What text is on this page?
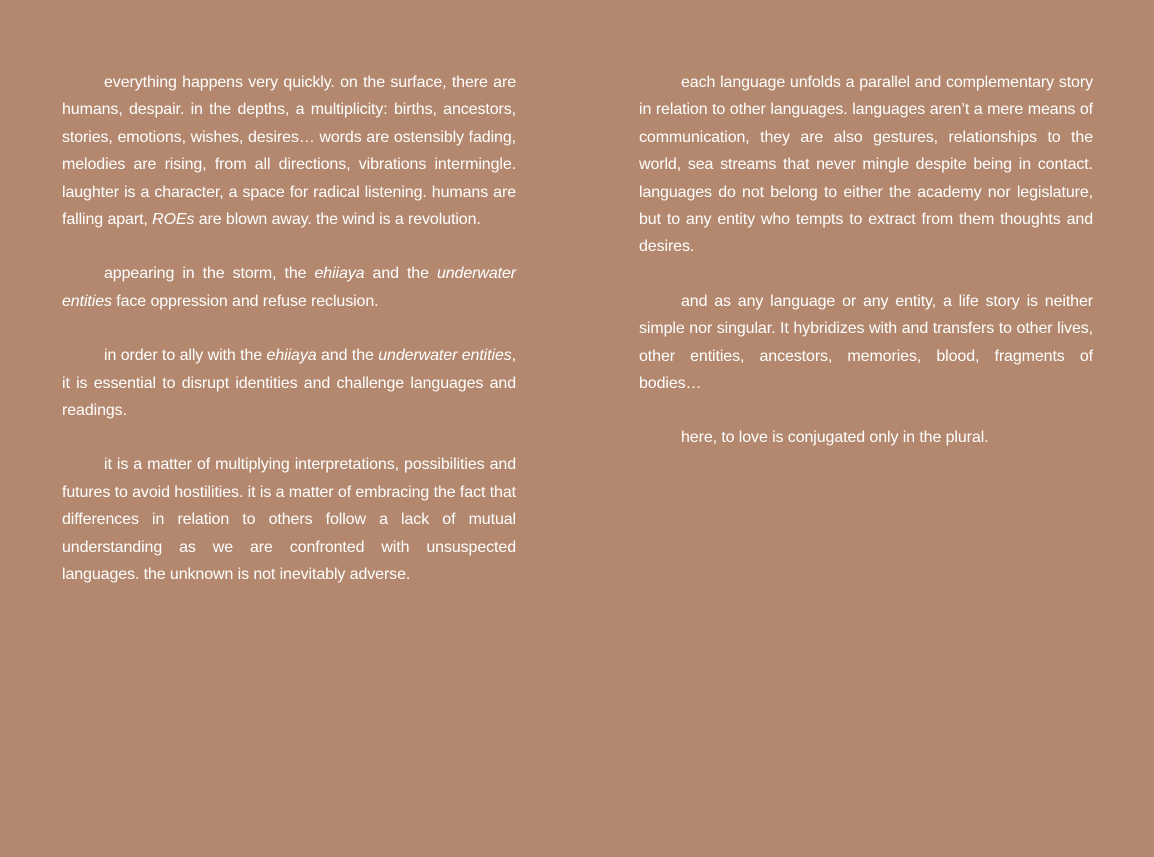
everything happens very quickly. on the surface, there are humans, despair. in the depths, a multiplicity: births, ancestors, stories, emotions, wishes, desires… words are ostensibly fading, melodies are rising, from all directions, vibrations intermingle. laughter is a character, a space for radical listening. humans are falling apart, ROEs are blown away. the wind is a revolution.

appearing in the storm, the ehiiaya and the underwater entities face oppression and refuse reclusion.

in order to ally with the ehiiaya and the underwater entities, it is essential to disrupt identities and challenge languages and readings.

it is a matter of multiplying interpretations, possibilities and futures to avoid hostilities. it is a matter of embracing the fact that differences in relation to others follow a lack of mutual understanding as we are confronted with unsuspected languages. the unknown is not inevitably adverse.

each language unfolds a parallel and complementary story in relation to other languages. languages aren’t a mere means of communication, they are also gestures, relationships to the world, sea streams that never mingle despite being in contact. languages do not belong to either the academy nor legislature, but to any entity who tempts to extract from them thoughts and desires.

and as any language or any entity, a life story is neither simple nor singular. It hybridizes with and transfers to other lives, other entities, ancestors, memories, blood, fragments of bodies…

here, to love is conjugated only in the plural.
